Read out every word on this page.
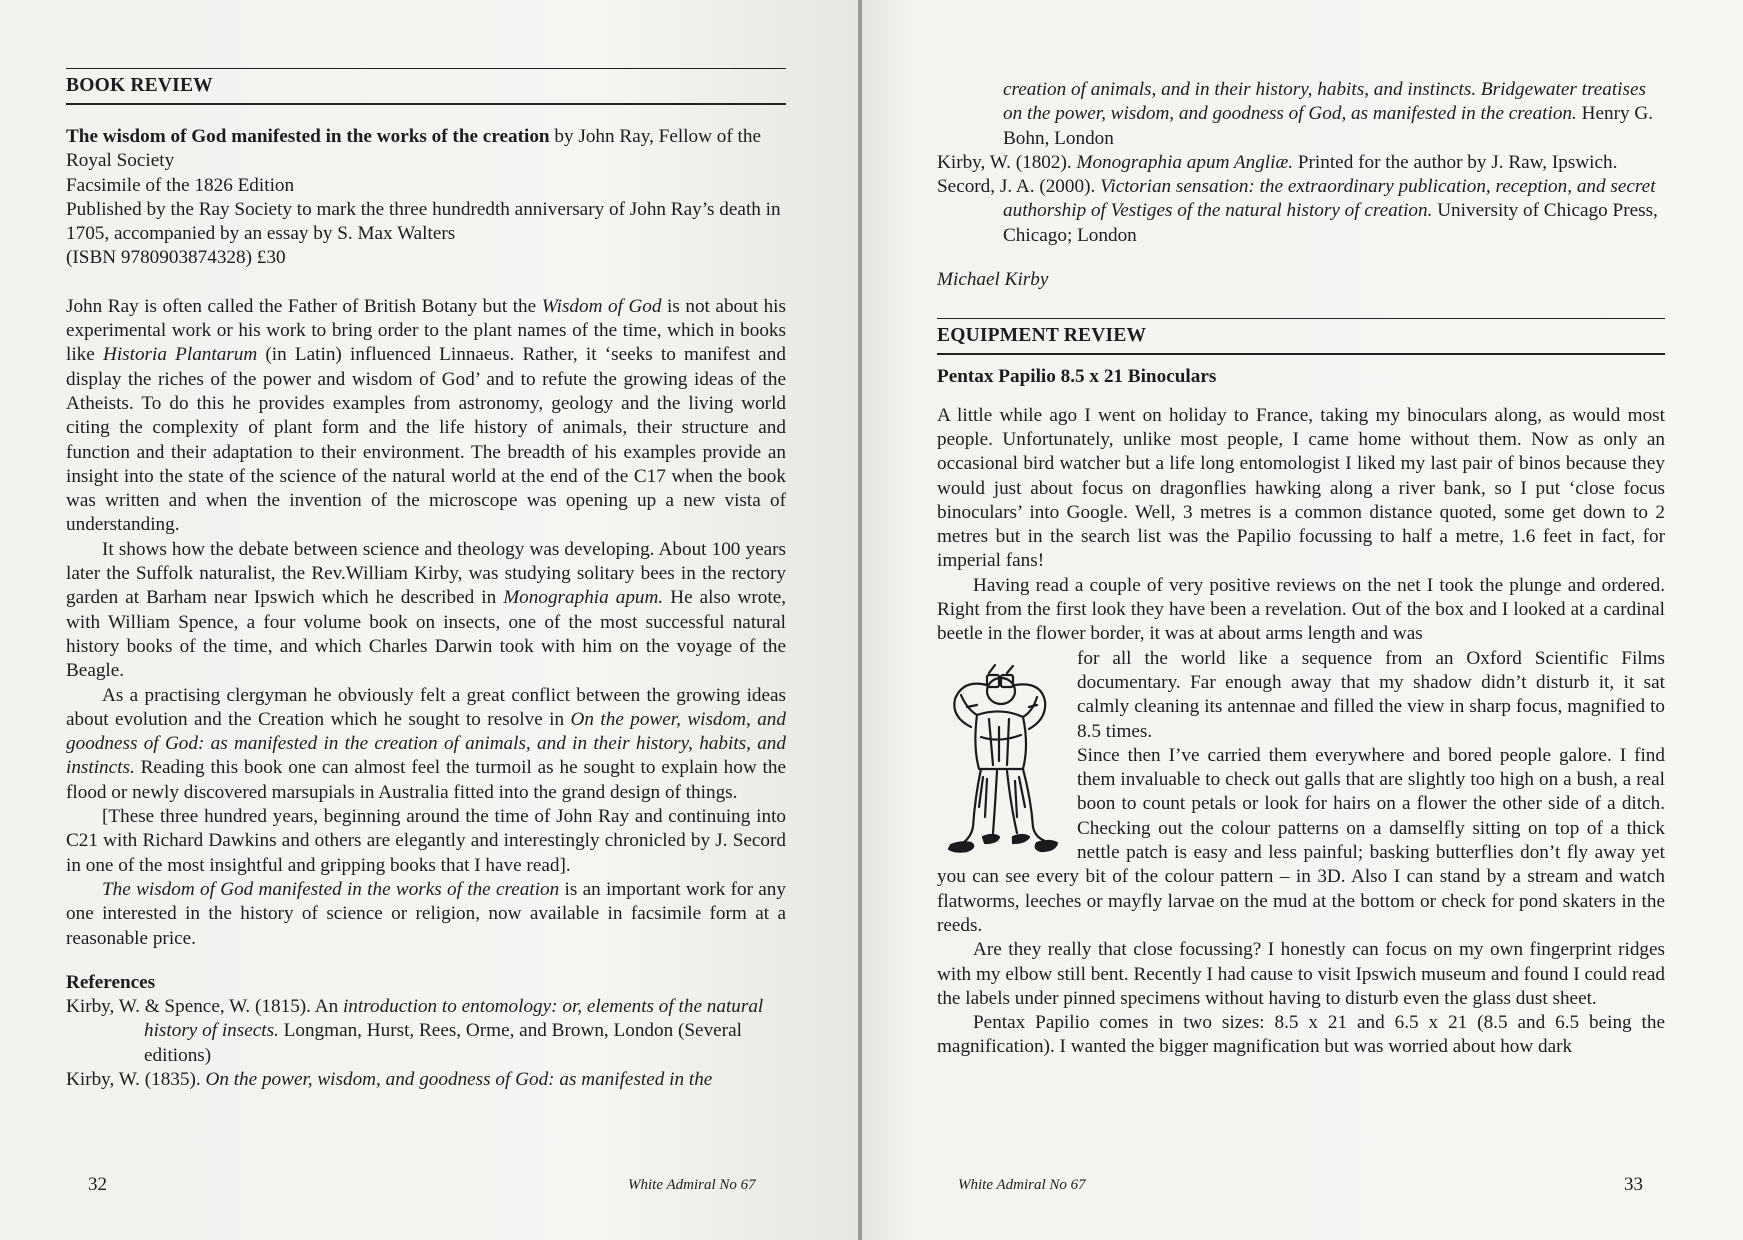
BOOK REVIEW

The wisdom of God manifested in the works of the creation by John Ray, Fellow of the Royal Society

Facsimile of the 1826 Edition

Published by the Ray Society to mark the three hundredth anniversary of John Ray’s death in 1705, accompanied by an essay by S. Max Walters

(ISBN 9780903874328) £30

John Ray is often called the Father of British Botany but the Wisdom of God is not about his experimental work or his work to bring order to the plant names of the time, which in books like Historia Plantarum (in Latin) influenced Linnaeus. Rather, it ‘seeks to manifest and display the riches of the power and wisdom of God’ and to refute the growing ideas of the Atheists. To do this he provides examples from astronomy, geology and the living world citing the complexity of plant form and the life history of animals, their structure and function and their adaptation to their environment. The breadth of his examples provide an insight into the state of the science of the natural world at the end of the C17 when the book was written and when the invention of the microscope was opening up a new vista of understanding.

It shows how the debate between science and theology was developing. About 100 years later the Suffolk naturalist, the Rev.William Kirby, was studying solitary bees in the rectory garden at Barham near Ipswich which he described in Monographia apum. He also wrote, with William Spence, a four volume book on insects, one of the most successful natural history books of the time, and which Charles Darwin took with him on the voyage of the Beagle.

As a practising clergyman he obviously felt a great conflict between the growing ideas about evolution and the Creation which he sought to resolve in On the power, wisdom, and goodness of God: as manifested in the creation of animals, and in their history, habits, and instincts. Reading this book one can almost feel the turmoil as he sought to explain how the flood or newly discovered marsupials in Australia fitted into the grand design of things.

[These three hundred years, beginning around the time of John Ray and continuing into C21 with Richard Dawkins and others are elegantly and interestingly chronicled by J. Secord in one of the most insightful and gripping books that I have read].

The wisdom of God manifested in the works of the creation is an important work for any one interested in the history of science or religion, now available in facsimile form at a reasonable price.

References

Kirby, W. & Spence, W. (1815). An introduction to entomology: or, elements of the natural history of insects. Longman, Hurst, Rees, Orme, and Brown, London (Several editions)

Kirby, W. (1835). On the power, wisdom, and goodness of God: as manifested in the

32	White Admiral No 67

creation of animals, and in their history, habits, and instincts. Bridgewater treatises on the power, wisdom, and goodness of God, as manifested in the creation. Henry G. Bohn, London

Kirby, W. (1802). Monographia apum Angliæ. Printed for the author by J. Raw, Ipswich.

Secord, J. A. (2000). Victorian sensation: the extraordinary publication, reception, and secret authorship of Vestiges of the natural history of creation. University of Chicago Press, Chicago; London

Michael Kirby

EQUIPMENT REVIEW

Pentax Papilio 8.5 x 21 Binoculars

A little while ago I went on holiday to France, taking my binoculars along, as would most people. Unfortunately, unlike most people, I came home without them. Now as only an occasional bird watcher but a life long entomologist I liked my last pair of binos because they would just about focus on dragonflies hawking along a river bank, so I put ‘close focus binoculars’ into Google. Well, 3 metres is a common distance quoted, some get down to 2 metres but in the search list was the Papilio focussing to half a metre, 1.6 feet in fact, for imperial fans!

Having read a couple of very positive reviews on the net I took the plunge and ordered. Right from the first look they have been a revelation. Out of the box and I looked at a cardinal beetle in the flower border, it was at about arms length and was

for all the world like a sequence from an Oxford Scientific Films documentary. Far enough away that my shadow didn’t disturb it, it sat calmly cleaning its antennae and filled the view in sharp focus, magnified to 8.5 times.

Since then I’ve carried them everywhere and bored people galore. I find them invaluable to check out galls that are slightly too high on a bush, a real boon to count petals or look for hairs on a flower the other side of a ditch. Checking out the colour patterns on a damselfly sitting on top of a thick nettle patch is easy and less painful; basking butterflies don’t fly away yet you can see every bit of the colour pattern – in 3D. Also I can stand by a stream and watch flatworms, leeches or mayfly larvae on the mud at the bottom or check for pond skaters in the reeds.

Are they really that close focussing? I honestly can focus on my own fingerprint ridges with my elbow still bent. Recently I had cause to visit Ipswich museum and found I could read the labels under pinned specimens without having to disturb even the glass dust sheet.

Pentax Papilio comes in two sizes: 8.5 x 21 and 6.5 x 21 (8.5 and 6.5 being the magnification). I wanted the bigger magnification but was worried about how dark

White Admiral No 67	33
